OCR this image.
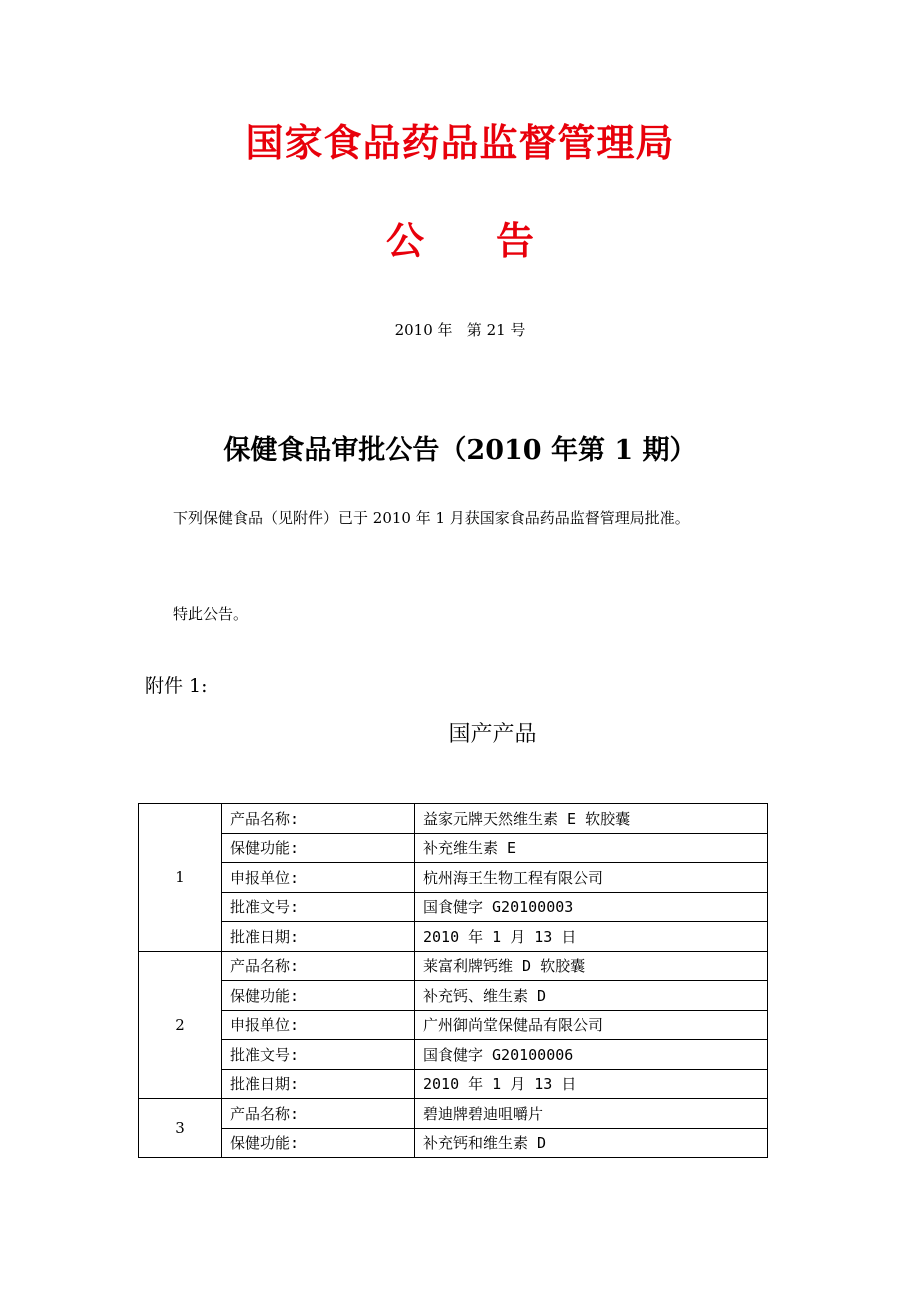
国家食品药品监督管理局
公 告
2010 年   第 21 号
保健食品审批公告（2010 年第 1 期）
下列保健食品（见附件）已于 2010 年 1 月获国家食品药品监督管理局批准。
特此公告。
附件 1:
国产产品
1	产品名称:	益家元牌天然维生素 E 软胶囊
	保健功能:	补充维生素 E
	申报单位:	杭州海王生物工程有限公司
	批准文号:	国食健字 G20100003
	批准日期:	2010 年 1 月 13 日
2	产品名称:	莱富利牌钙维 D 软胶囊
	保健功能:	补充钙、维生素 D
	申报单位:	广州御尚堂保健品有限公司
	批准文号:	国食健字 G20100006
	批准日期:	2010 年 1 月 13 日
3	产品名称:	碧迪牌碧迪咀嚼片
	保健功能:	补充钙和维生素 D
